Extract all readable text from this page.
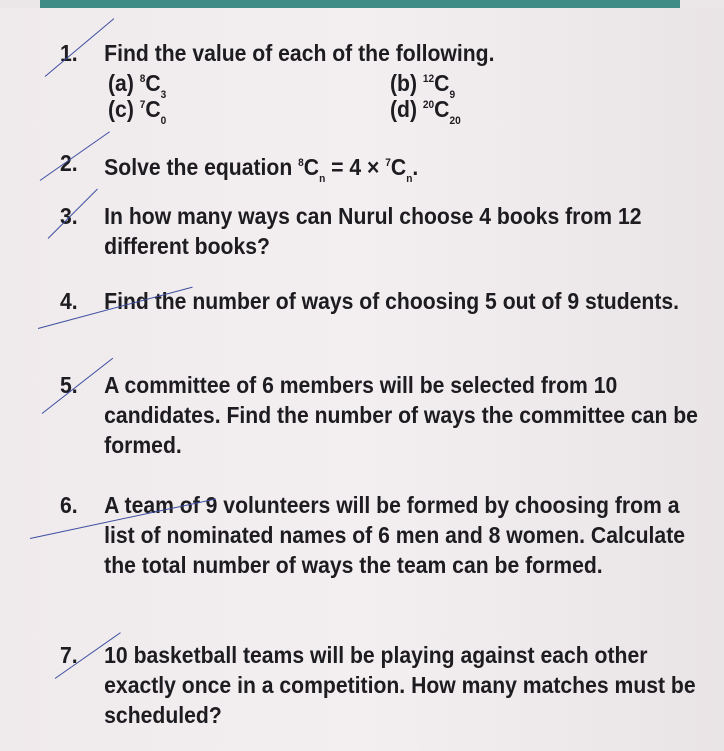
1. Find the value of each of the following.
(a) $^8C_3$	(b) $^{12}C_9$
(c) $^7C_0$	(d) $^{20}C_{20}$
2. Solve the equation $^8C_n = 4 \times ^7C_n$.
3. In how many ways can Nurul choose 4 books from 12 different books?
4. Find the number of ways of choosing 5 out of 9 students.
5. A committee of 6 members will be selected from 10 candidates. Find the number of ways the committee can be formed.
6. A team of 9 volunteers will be formed by choosing from a list of nominated names of 6 men and 8 women. Calculate the total number of ways the team can be formed.
7. 10 basketball teams will be playing against each other exactly once in a competition. How many matches must be scheduled?
